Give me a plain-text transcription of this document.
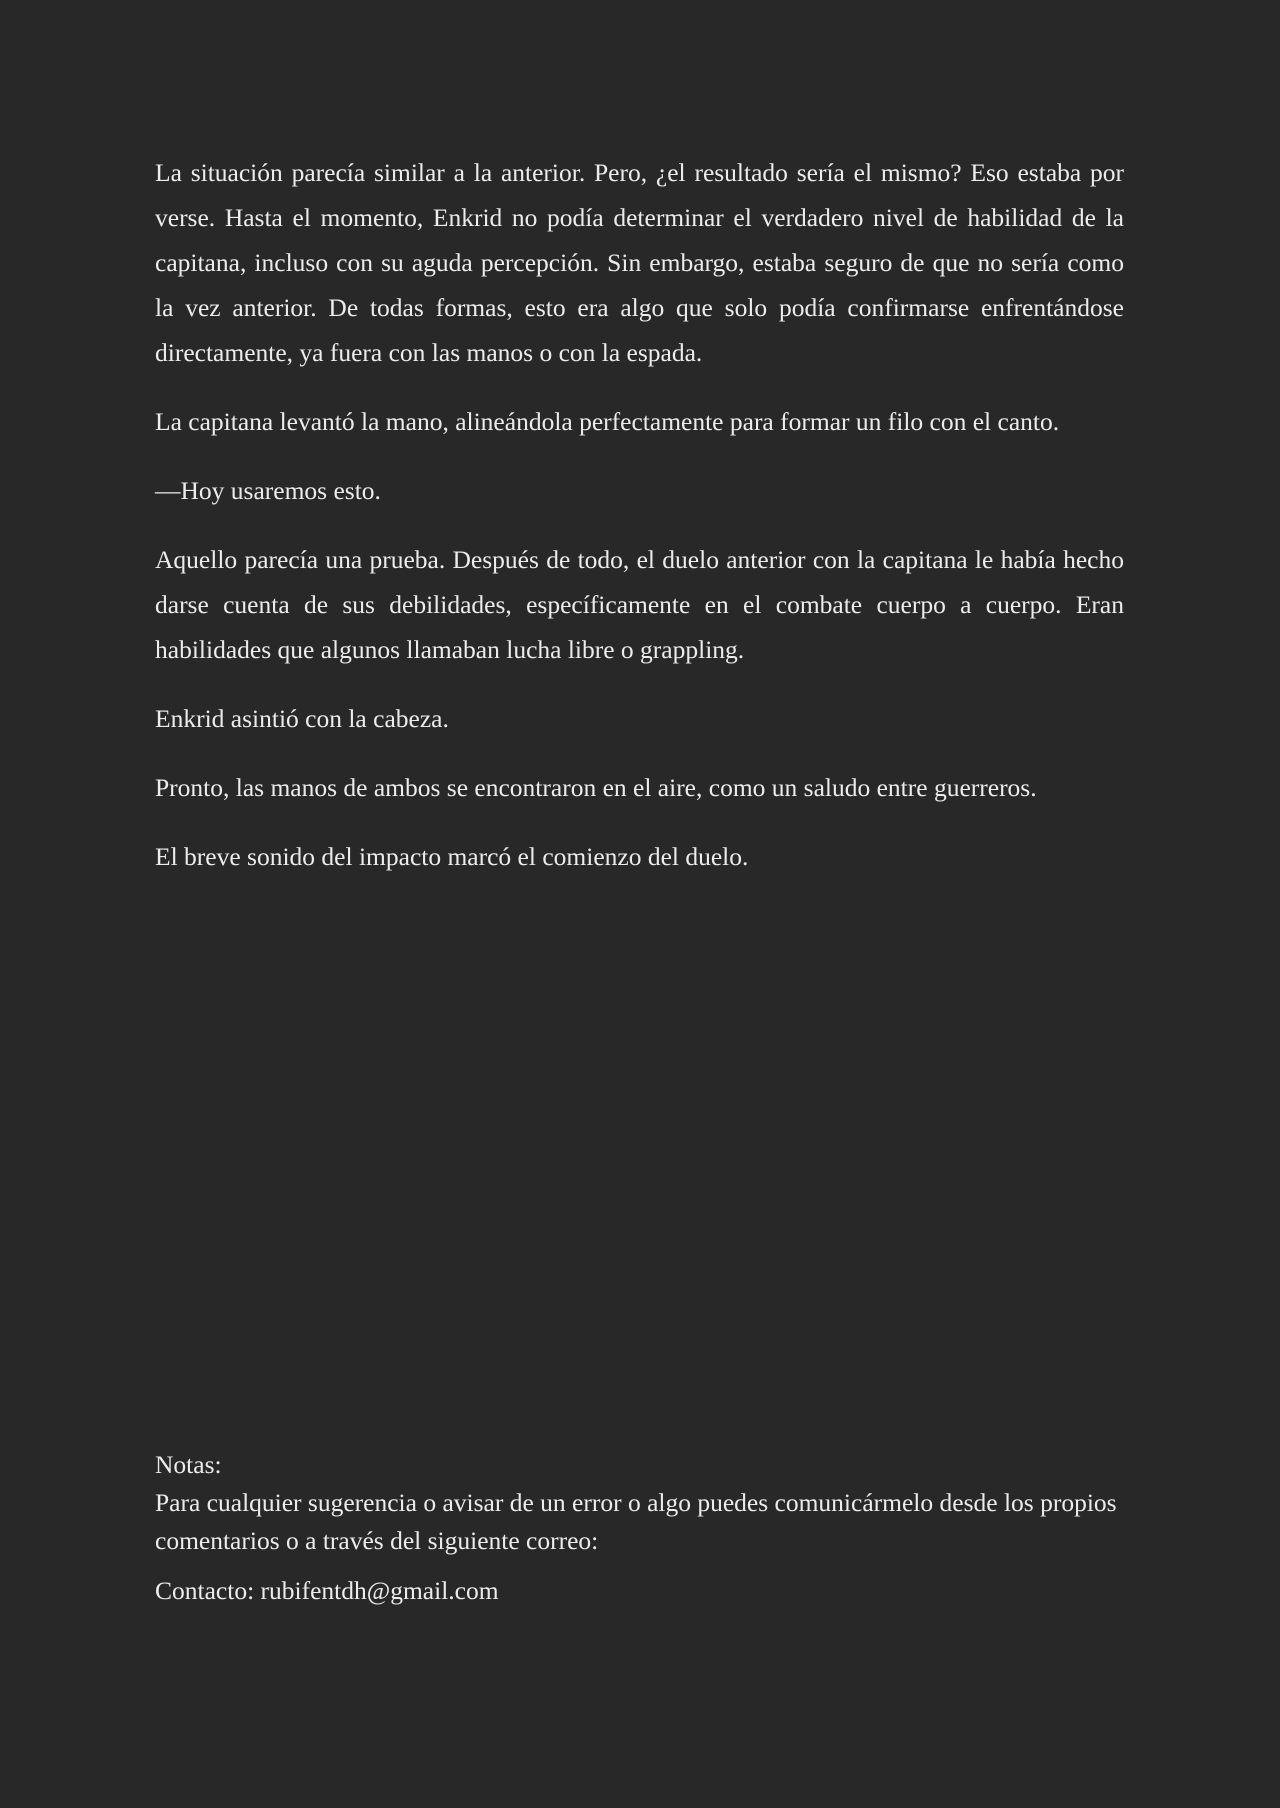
La situación parecía similar a la anterior. Pero, ¿el resultado sería el mismo? Eso estaba por verse. Hasta el momento, Enkrid no podía determinar el verdadero nivel de habilidad de la capitana, incluso con su aguda percepción. Sin embargo, estaba seguro de que no sería como la vez anterior. De todas formas, esto era algo que solo podía confirmarse enfrentándose directamente, ya fuera con las manos o con la espada.

La capitana levantó la mano, alineándola perfectamente para formar un filo con el canto.

—Hoy usaremos esto.

Aquello parecía una prueba. Después de todo, el duelo anterior con la capitana le había hecho darse cuenta de sus debilidades, específicamente en el combate cuerpo a cuerpo. Eran habilidades que algunos llamaban lucha libre o grappling.

Enkrid asintió con la cabeza.

Pronto, las manos de ambos se encontraron en el aire, como un saludo entre guerreros.

El breve sonido del impacto marcó el comienzo del duelo.

Notas:

Para cualquier sugerencia o avisar de un error o algo puedes comunicármelo desde los propios comentarios o a través del siguiente correo:

Contacto: rubifentdh@gmail.com
